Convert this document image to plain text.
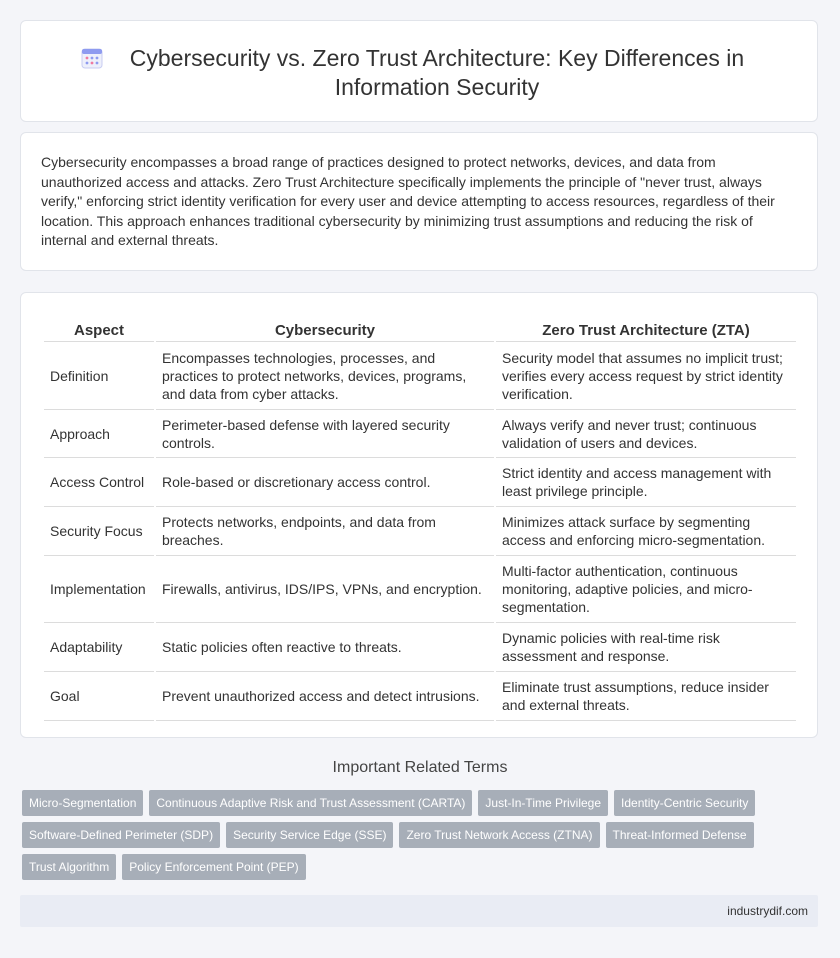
Cybersecurity vs. Zero Trust Architecture: Key Differences in Information Security

Cybersecurity encompasses a broad range of practices designed to protect networks, devices, and data from unauthorized access and attacks. Zero Trust Architecture specifically implements the principle of "never trust, always verify," enforcing strict identity verification for every user and device attempting to access resources, regardless of their location. This approach enhances traditional cybersecurity by minimizing trust assumptions and reducing the risk of internal and external threats.

Aspect	Cybersecurity	Zero Trust Architecture (ZTA)
Definition	Encompasses technologies, processes, and practices to protect networks, devices, programs, and data from cyber attacks.	Security model that assumes no implicit trust; verifies every access request by strict identity verification.
Approach	Perimeter-based defense with layered security controls.	Always verify and never trust; continuous validation of users and devices.
Access Control	Role-based or discretionary access control.	Strict identity and access management with least privilege principle.
Security Focus	Protects networks, endpoints, and data from breaches.	Minimizes attack surface by segmenting access and enforcing micro-segmentation.
Implementation	Firewalls, antivirus, IDS/IPS, VPNs, and encryption.	Multi-factor authentication, continuous monitoring, adaptive policies, and micro-segmentation.
Adaptability	Static policies often reactive to threats.	Dynamic policies with real-time risk assessment and response.
Goal	Prevent unauthorized access and detect intrusions.	Eliminate trust assumptions, reduce insider and external threats.
Important Related Terms
Micro-Segmentation	Continuous Adaptive Risk and Trust Assessment (CARTA)	Just-In-Time Privilege	Identity-Centric Security
Software-Defined Perimeter (SDP)	Security Service Edge (SSE)	Zero Trust Network Access (ZTNA)	Threat-Informed Defense
Trust Algorithm	Policy Enforcement Point (PEP)
industrydif.com
